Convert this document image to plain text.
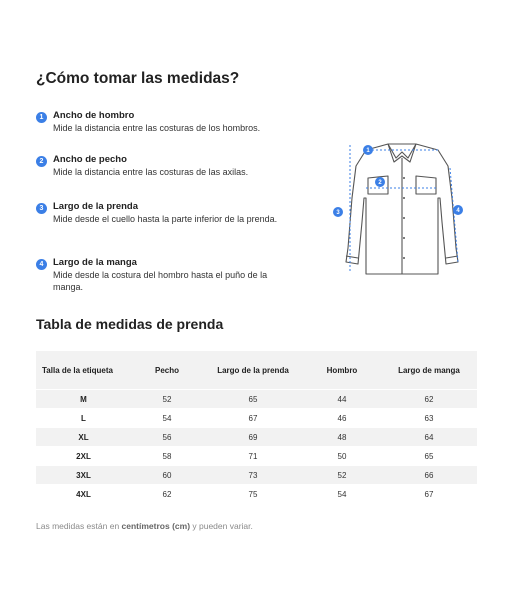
¿Cómo tomar las medidas?
1	Ancho de hombro
Mide la distancia entre las costuras de los hombros.
2	Ancho de pecho
Mide la distancia entre las costuras de las axilas.
3	Largo de la prenda
Mide desde el cuello hasta la parte inferior de la prenda.
4	Largo de la manga
Mide desde la costura del hombro hasta el puño de la manga.
1
2
3	4
Tabla de medidas de prenda
Talla de la etiqueta	Pecho	Largo de la prenda	Hombro	Largo de manga
M	52	65	44	62
L	54	67	46	63
XL	56	69	48	64
2XL	58	71	50	65
3XL	60	73	52	66
4XL	62	75	54	67
Las medidas están en centímetros (cm) y pueden variar.
